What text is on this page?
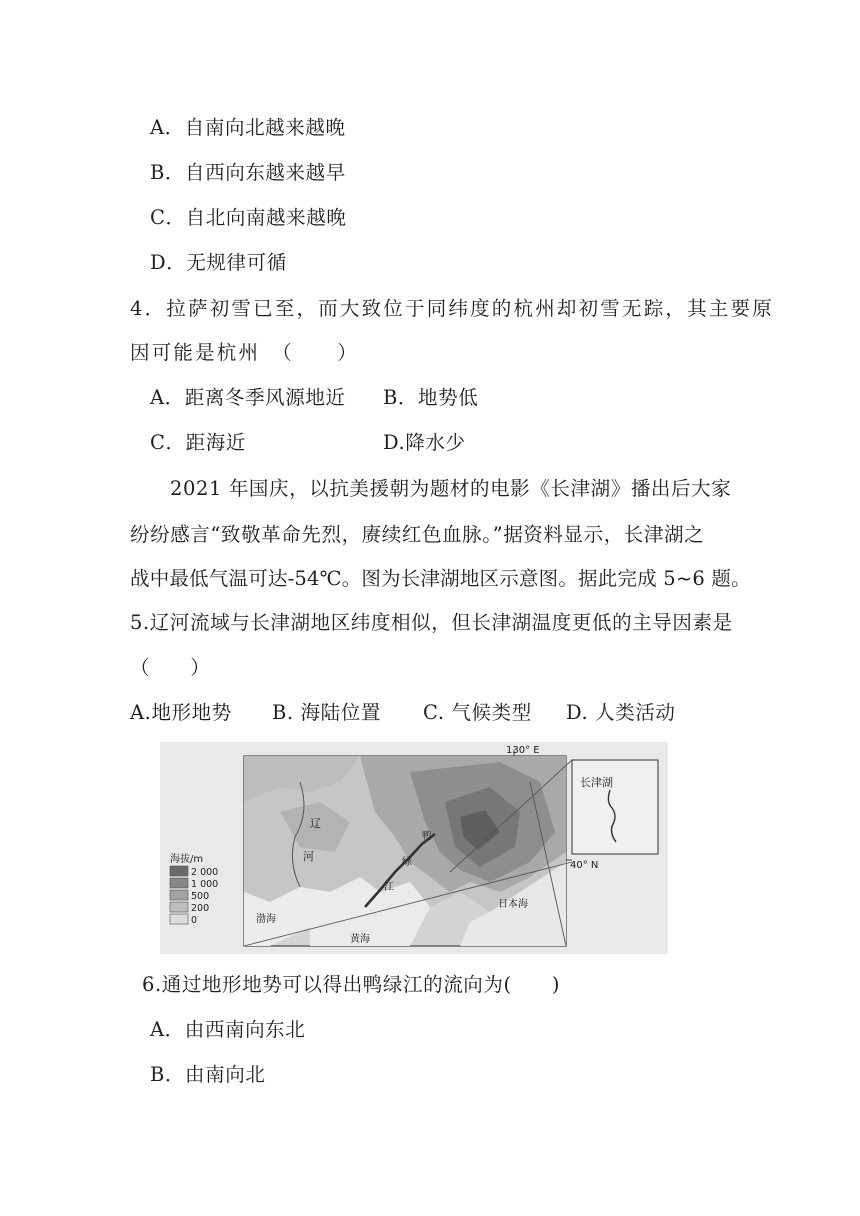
A．自南向北越来越晚
B．自西向东越来越早
C．自北向南越来越晚
D．无规律可循
4．拉萨初雪已至，而大致位于同纬度的杭州却初雪无踪，其主要原
因可能是杭州　（　　）
A．距离冬季风源地近 B．地势低
C．距海近	D.降水少
2021 年国庆，以抗美援朝为题材的电影《长津湖》播出后大家
纷纷感言“致敬革命先烈，赓续红色血脉。”据资料显示，长津湖之
战中最低气温可达-54℃。图为长津湖地区示意图。据此完成 5~6 题。
5.辽河流域与长津湖地区纬度相似，但长津湖温度更低的主导因素是
（　　）
A.地形地势 B. 海陆位置 C. 气候类型 D. 人类活动
海拔/m
2 000
1 000
500
200
0
130° E
40° N
长津湖
辽
河
鸭
绿
江
渤海
黄海
日本海
6.通过地形地势可以得出鸭绿江的流向为(　　)
A．由西南向东北
B．由南向北
